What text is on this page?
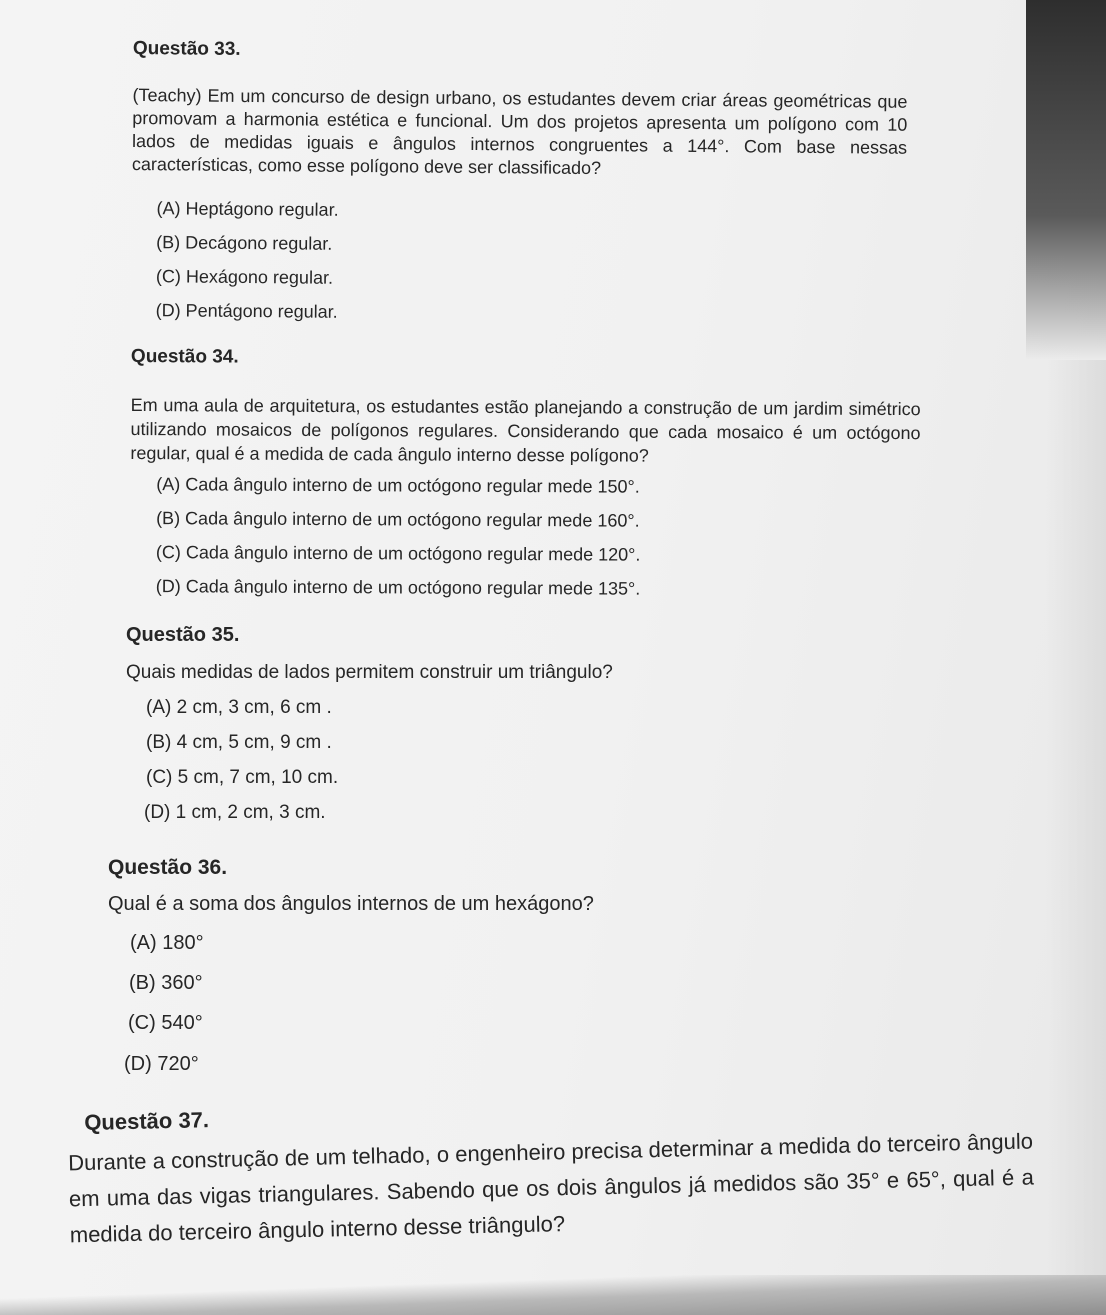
Questão 33.

(Teachy) Em um concurso de design urbano, os estudantes devem criar áreas geométricas que promovam a harmonia estética e funcional. Um dos projetos apresenta um polígono com 10 lados de medidas iguais e ângulos internos congruentes a 144°. Com base nessas características, como esse polígono deve ser classificado?

(A) Heptágono regular.
(B) Decágono regular.
(C) Hexágono regular.
(D) Pentágono regular.

Questão 34.

Em uma aula de arquitetura, os estudantes estão planejando a construção de um jardim simétrico utilizando mosaicos de polígonos regulares. Considerando que cada mosaico é um octógono regular, qual é a medida de cada ângulo interno desse polígono?

(A) Cada ângulo interno de um octógono regular mede 150°.
(B) Cada ângulo interno de um octógono regular mede 160°.
(C) Cada ângulo interno de um octógono regular mede 120°.
(D) Cada ângulo interno de um octógono regular mede 135°.

Questão 35.

Quais medidas de lados permitem construir um triângulo?

(A) 2 cm, 3 cm, 6 cm .
(B) 4 cm, 5 cm, 9 cm .
(C) 5 cm, 7 cm, 10 cm.
(D) 1 cm, 2 cm, 3 cm.

Questão 36.

Qual é a soma dos ângulos internos de um hexágono?

(A) 180°
(B) 360°
(C) 540°
(D) 720°

Questão 37.

Durante a construção de um telhado, o engenheiro precisa determinar a medida do terceiro ângulo em uma das vigas triangulares. Sabendo que os dois ângulos já medidos são 35° e 65°, qual é a medida do terceiro ângulo interno desse triângulo?
